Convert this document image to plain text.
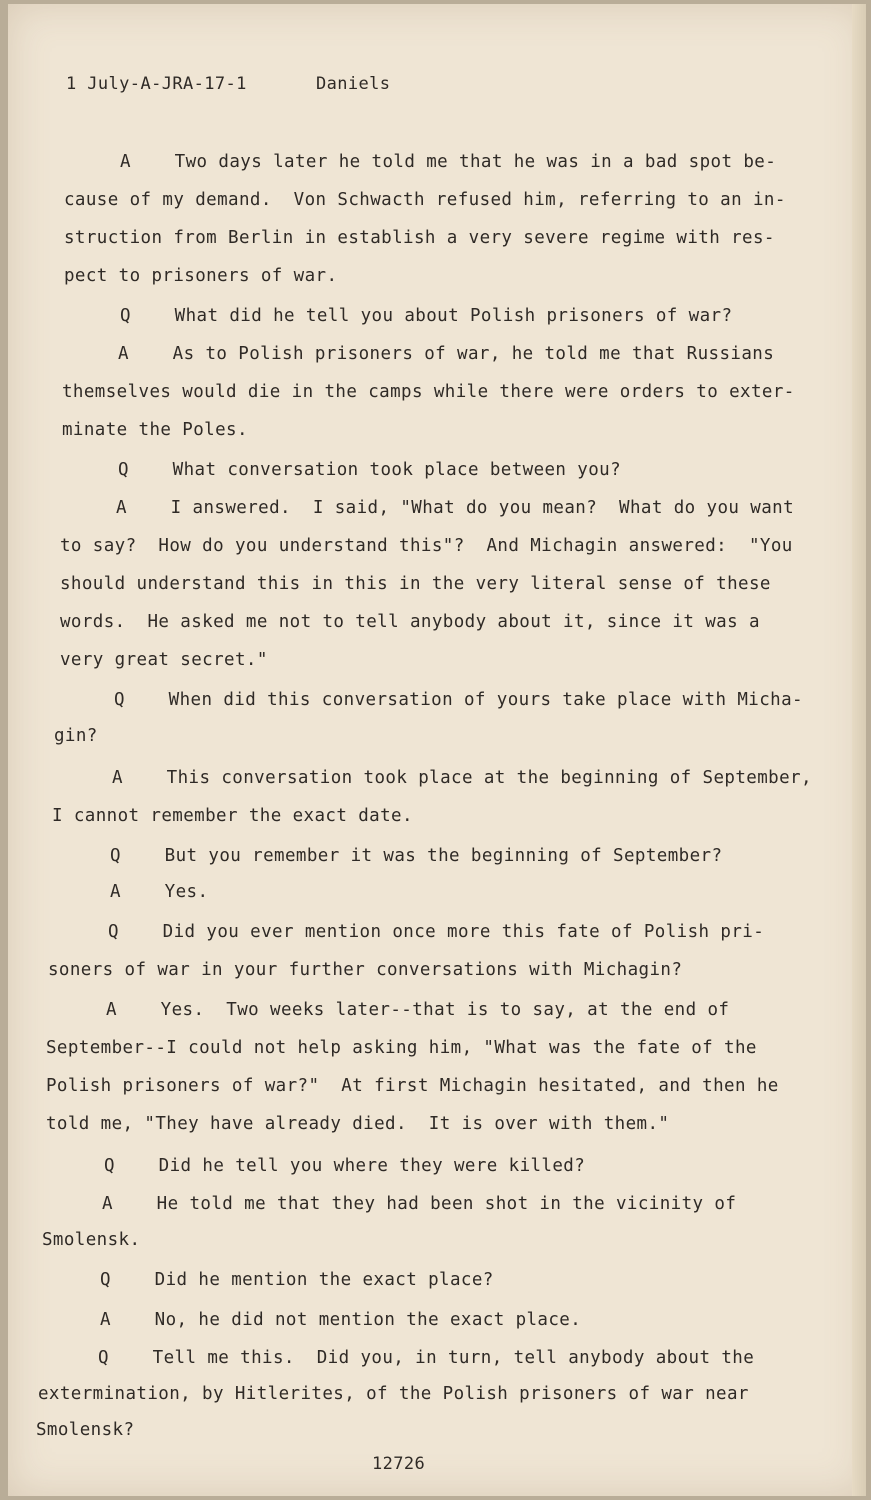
1 July-A-JRA-17-1	Daniels
A    Two days later he told me that he was in a bad spot be-
cause of my demand.  Von Schwacth refused him, referring to an in-
struction from Berlin in establish a very severe regime with res-
pect to prisoners of war.
Q    What did he tell you about Polish prisoners of war?
A    As to Polish prisoners of war, he told me that Russians
themselves would die in the camps while there were orders to exter-
minate the Poles.
Q    What conversation took place between you?
A    I answered.  I said, "What do you mean?  What do you want
to say?  How do you understand this"?  And Michagin answered:  "You
should understand this in this in the very literal sense of these
words.  He asked me not to tell anybody about it, since it was a
very great secret."
Q    When did this conversation of yours take place with Micha-
gin?
A    This conversation took place at the beginning of September,
I cannot remember the exact date.
Q    But you remember it was the beginning of September?
A    Yes.
Q    Did you ever mention once more this fate of Polish pri-
soners of war in your further conversations with Michagin?
A    Yes.  Two weeks later--that is to say, at the end of
September--I could not help asking him, "What was the fate of the
Polish prisoners of war?"  At first Michagin hesitated, and then he
told me, "They have already died.  It is over with them."
Q    Did he tell you where they were killed?
A    He told me that they had been shot in the vicinity of
Smolensk.
Q    Did he mention the exact place?
A    No, he did not mention the exact place.
Q    Tell me this.  Did you, in turn, tell anybody about the
extermination, by Hitlerites, of the Polish prisoners of war near
Smolensk?
12726
